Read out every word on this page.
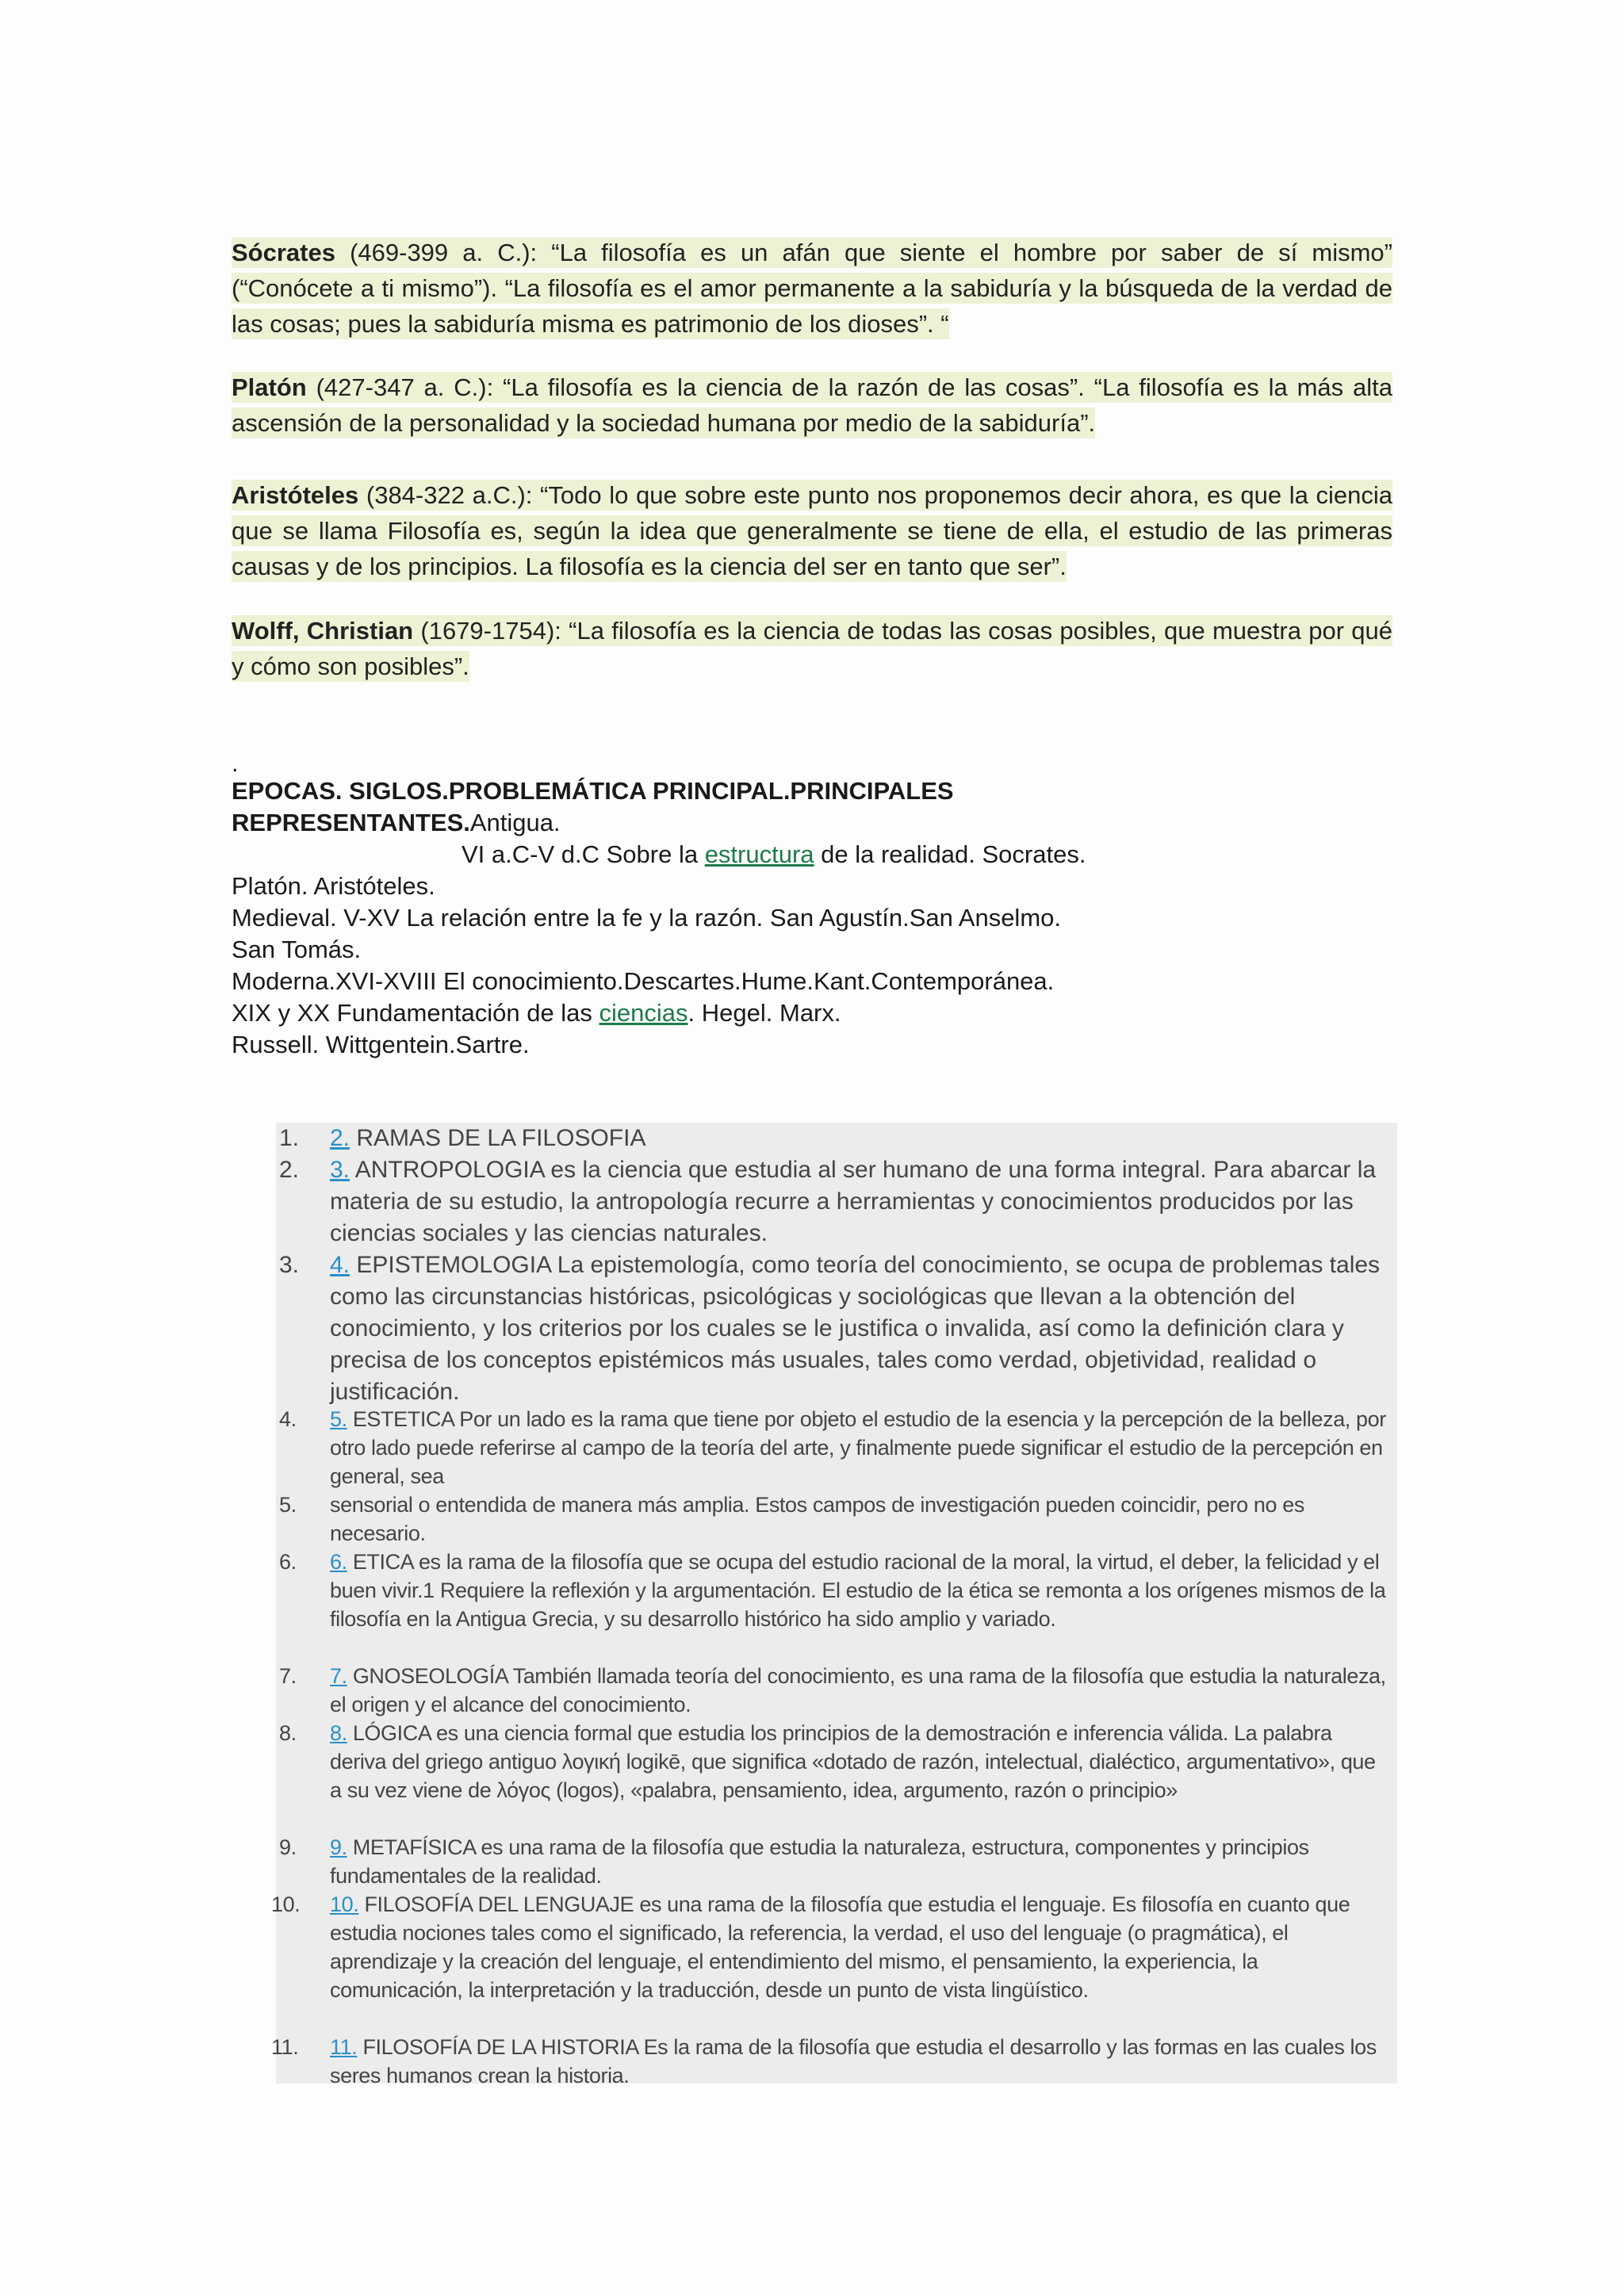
Sócrates (469-399 a. C.): “La filosofía es un afán que siente el hombre por saber de sí mismo” (“Conócete a ti mismo”). “La filosofía es el amor permanente a la sabiduría y la búsqueda de la verdad de las cosas; pues la sabiduría misma es patrimonio de los dioses”. “
Platón (427-347 a. C.): “La filosofía es la ciencia de la razón de las cosas”. “La filosofía es la más alta ascensión de la personalidad y la sociedad humana por medio de la sabiduría”.
Aristóteles (384-322 a.C.): “Todo lo que sobre este punto nos proponemos decir ahora, es que la ciencia que se llama Filosofía es, según la idea que generalmente se tiene de ella, el estudio de las primeras causas y de los principios. La filosofía es la ciencia del ser en tanto que ser”.
Wolff, Christian (1679-1754): “La filosofía es la ciencia de todas las cosas posibles, que muestra por qué y cómo son posibles”.
.
EPOCAS. SIGLOS.PROBLEMÁTICA PRINCIPAL.PRINCIPALES
REPRESENTANTES.Antigua.
VI a.C-V d.C Sobre la estructura de la realidad. Socrates.
Platón. Aristóteles.
Medieval. V-XV La relación entre la fe y la razón. San Agustín.San Anselmo.
San Tomás.
Moderna.XVI-XVIII El conocimiento.Descartes.Hume.Kant.Contemporánea.
XIX y XX Fundamentación de las ciencias. Hegel. Marx.
Russell. Wittgentein.Sartre.
1.	2. RAMAS DE LA FILOSOFIA
2.	3. ANTROPOLOGIA es la ciencia que estudia al ser humano de una forma integral. Para abarcar la materia de su estudio, la antropología recurre a herramientas y conocimientos producidos por las ciencias sociales y las ciencias naturales.
3.	4. EPISTEMOLOGIA La epistemología, como teoría del conocimiento, se ocupa de problemas tales como las circunstancias históricas, psicológicas y sociológicas que llevan a la obtención del conocimiento, y los criterios por los cuales se le justifica o invalida, así como la definición clara y precisa de los conceptos epistémicos más usuales, tales como verdad, objetividad, realidad o justificación.
4.	5. ESTETICA Por un lado es la rama que tiene por objeto el estudio de la esencia y la percepción de la belleza, por otro lado puede referirse al campo de la teoría del arte, y finalmente puede significar el estudio de la percepción en general, sea
5.	sensorial o entendida de manera más amplia. Estos campos de investigación pueden coincidir, pero no es necesario.
6.	6. ETICA es la rama de la filosofía que se ocupa del estudio racional de la moral, la virtud, el deber, la felicidad y el buen vivir.1 Requiere la reflexión y la argumentación. El estudio de la ética se remonta a los orígenes mismos de la filosofía en la Antigua Grecia, y su desarrollo histórico ha sido amplio y variado.
7.	7. GNOSEOLOGÍA También llamada teoría del conocimiento, es una rama de la filosofía que estudia la naturaleza, el origen y el alcance del conocimiento.
8.	8. LÓGICA es una ciencia formal que estudia los principios de la demostración e inferencia válida. La palabra deriva del griego antiguo λογική logikē, que significa «dotado de razón, intelectual, dialéctico, argumentativo», que a su vez viene de λόγος (logos), «palabra, pensamiento, idea, argumento, razón o principio»
9.	9. METAFÍSICA es una rama de la filosofía que estudia la naturaleza, estructura, componentes y principios fundamentales de la realidad.
10.	10. FILOSOFÍA DEL LENGUAJE es una rama de la filosofía que estudia el lenguaje. Es filosofía en cuanto que estudia nociones tales como el significado, la referencia, la verdad, el uso del lenguaje (o pragmática), el aprendizaje y la creación del lenguaje, el entendimiento del mismo, el pensamiento, la experiencia, la comunicación, la interpretación y la traducción, desde un punto de vista lingüístico.
11.	11. FILOSOFÍA DE LA HISTORIA Es la rama de la filosofía que estudia el desarrollo y las formas en las cuales los seres humanos crean la historia.
